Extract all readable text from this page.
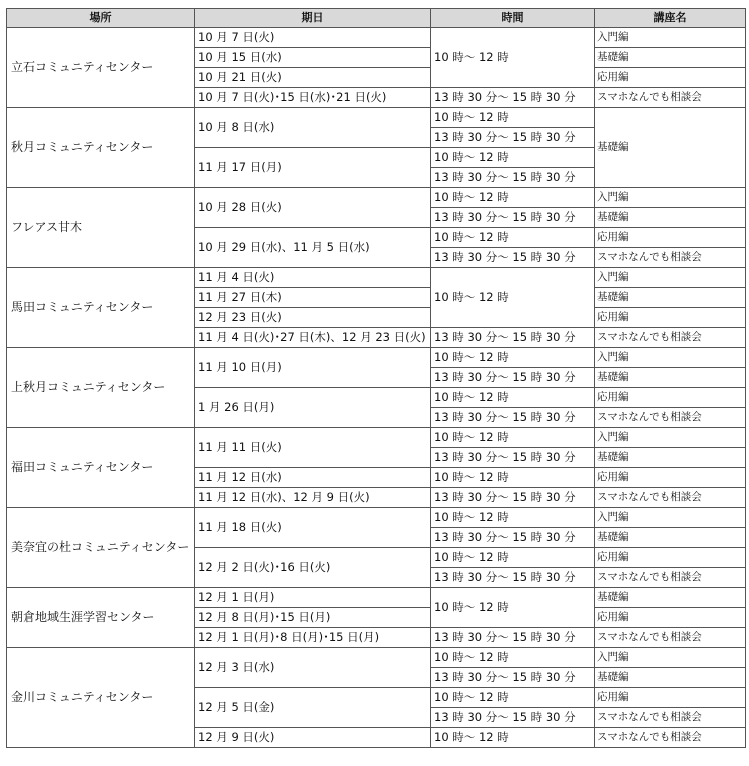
場所	期日	時間	講座名
立石コミュニティセンター	10 月 7 日(火)	10 時～ 12 時	入門編
	10 月 15 日(水)		基礎編
	10 月 21 日(火)		応用編
	10 月 7 日(火)･15 日(水)･21 日(火)	13 時 30 分～ 15 時 30 分	スマホなんでも相談会
秋月コミュニティセンター	10 月 8 日(水)	10 時～ 12 時	基礎編
		13 時 30 分～ 15 時 30 分	
	11 月 17 日(月)	10 時～ 12 時	
		13 時 30 分～ 15 時 30 分	
フレアス甘木	10 月 28 日(火)	10 時～ 12 時	入門編
		13 時 30 分～ 15 時 30 分	基礎編
	10 月 29 日(水)、11 月 5 日(水)	10 時～ 12 時	応用編
		13 時 30 分～ 15 時 30 分	スマホなんでも相談会
馬田コミュニティセンター	11 月 4 日(火)	10 時～ 12 時	入門編
	11 月 27 日(木)		基礎編
	12 月 23 日(火)		応用編
	11 月 4 日(火)･27 日(木)、12 月 23 日(火)	13 時 30 分～ 15 時 30 分	スマホなんでも相談会
上秋月コミュニティセンター	11 月 10 日(月)	10 時～ 12 時	入門編
		13 時 30 分～ 15 時 30 分	基礎編
	1 月 26 日(月)	10 時～ 12 時	応用編
		13 時 30 分～ 15 時 30 分	スマホなんでも相談会
福田コミュニティセンター	11 月 11 日(火)	10 時～ 12 時	入門編
		13 時 30 分～ 15 時 30 分	基礎編
	11 月 12 日(水)	10 時～ 12 時	応用編
	11 月 12 日(水)、12 月 9 日(火)	13 時 30 分～ 15 時 30 分	スマホなんでも相談会
美奈宜の杜コミュニティセンター	11 月 18 日(火)	10 時～ 12 時	入門編
		13 時 30 分～ 15 時 30 分	基礎編
	12 月 2 日(火)･16 日(火)	10 時～ 12 時	応用編
		13 時 30 分～ 15 時 30 分	スマホなんでも相談会
朝倉地域生涯学習センター	12 月 1 日(月)	10 時～ 12 時	基礎編
	12 月 8 日(月)･15 日(月)		応用編
	12 月 1 日(月)･8 日(月)･15 日(月)	13 時 30 分～ 15 時 30 分	スマホなんでも相談会
金川コミュニティセンター	12 月 3 日(水)	10 時～ 12 時	入門編
		13 時 30 分～ 15 時 30 分	基礎編
	12 月 5 日(金)	10 時～ 12 時	応用編
		13 時 30 分～ 15 時 30 分	スマホなんでも相談会
	12 月 9 日(火)	10 時～ 12 時	スマホなんでも相談会
